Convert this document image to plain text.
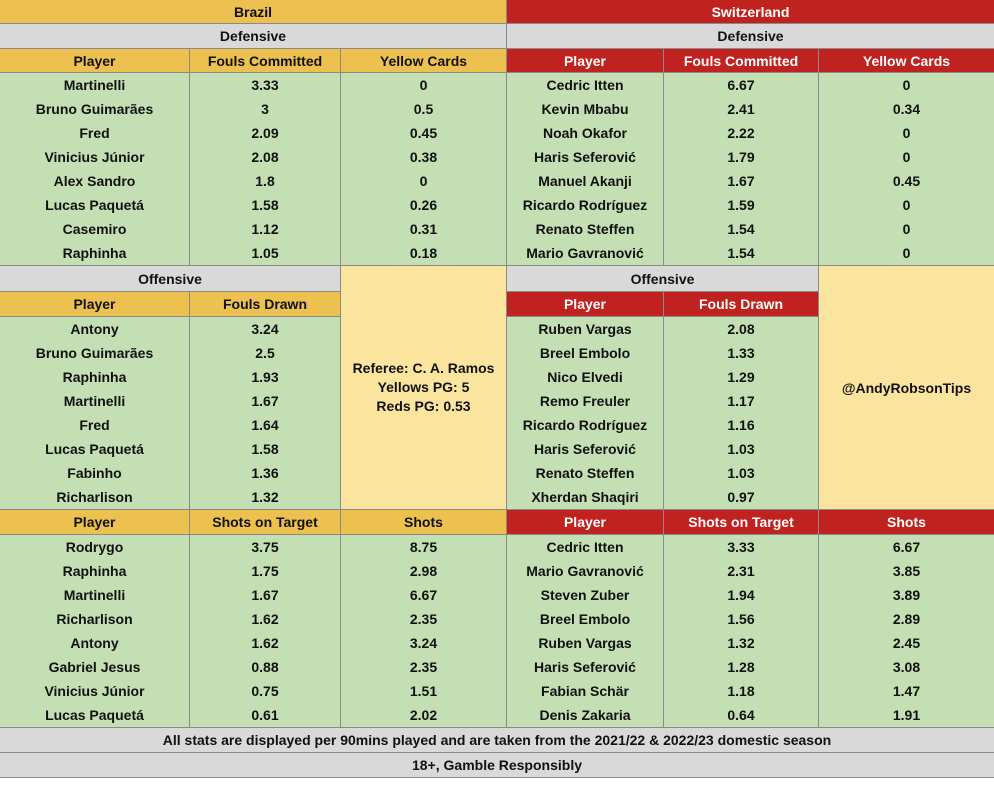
Brazil	Switzerland
Defensive	Defensive
Player	Fouls Committed	Yellow Cards	Player	Fouls Committed	Yellow Cards
Martinelli	3.33	0
Bruno Guimarães	3	0.5
Fred	2.09	0.45
Vinicius Júnior	2.08	0.38
Alex Sandro	1.8	0
Lucas Paquetá	1.58	0.26
Casemiro	1.12	0.31
Raphinha	1.05	0.18
Cedric Itten	6.67	0
Kevin Mbabu	2.41	0.34
Noah Okafor	2.22	0
Haris Seferović	1.79	0
Manuel Akanji	1.67	0.45
Ricardo Rodríguez	1.59	0
Renato Steffen	1.54	0
Mario Gavranović	1.54	0
Offensive	Offensive
Referee: C. A. Ramos
Yellows PG: 5
Reds PG: 0.53
@AndyRobsonTips
Player	Fouls Drawn	Player	Fouls Drawn
Antony	3.24
Bruno Guimarães	2.5
Raphinha	1.93
Martinelli	1.67
Fred	1.64
Lucas Paquetá	1.58
Fabinho	1.36
Richarlison	1.32
Ruben Vargas	2.08
Breel Embolo	1.33
Nico Elvedi	1.29
Remo Freuler	1.17
Ricardo Rodríguez	1.16
Haris Seferović	1.03
Renato Steffen	1.03
Xherdan Shaqiri	0.97
Player	Shots on Target	Shots	Player	Shots on Target	Shots
Rodrygo	3.75	8.75
Raphinha	1.75	2.98
Martinelli	1.67	6.67
Richarlison	1.62	2.35
Antony	1.62	3.24
Gabriel Jesus	0.88	2.35
Vinicius Júnior	0.75	1.51
Lucas Paquetá	0.61	2.02
Cedric Itten	3.33	6.67
Mario Gavranović	2.31	3.85
Steven Zuber	1.94	3.89
Breel Embolo	1.56	2.89
Ruben Vargas	1.32	2.45
Haris Seferović	1.28	3.08
Fabian Schär	1.18	1.47
Denis Zakaria	0.64	1.91
All stats are displayed per 90mins played and are taken from the 2021/22 & 2022/23 domestic season
18+, Gamble Responsibly
